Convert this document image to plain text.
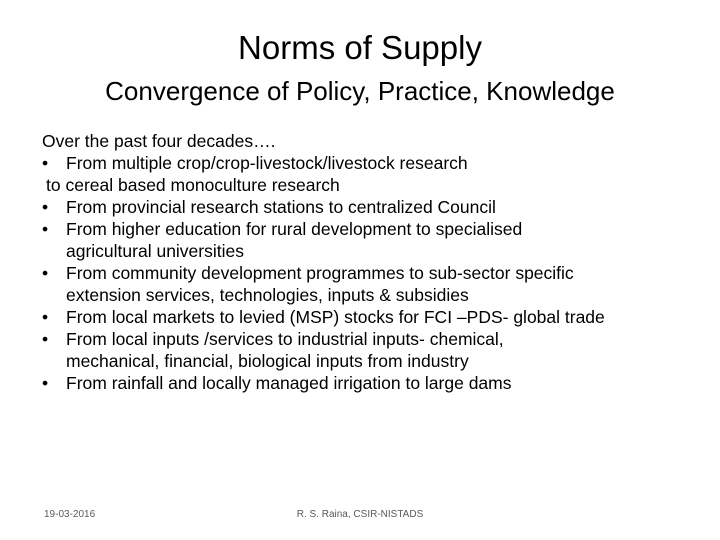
Norms of Supply
Convergence of Policy, Practice, Knowledge
Over the past four decades….
•	From multiple crop/crop-livestock/livestock research
to cereal based monoculture research
•	From provincial research stations to centralized Council
•	From higher education for rural development to specialised
agricultural universities
•	From community development programmes to sub-sector specific
extension services, technologies, inputs & subsidies
•	From local markets to levied (MSP) stocks for FCI –PDS- global trade
•	From local inputs /services to industrial inputs- chemical,
mechanical, financial, biological inputs from industry
•	From rainfall and locally managed irrigation to large dams
19-03-2016	R. S. Raina, CSIR-NISTADS
